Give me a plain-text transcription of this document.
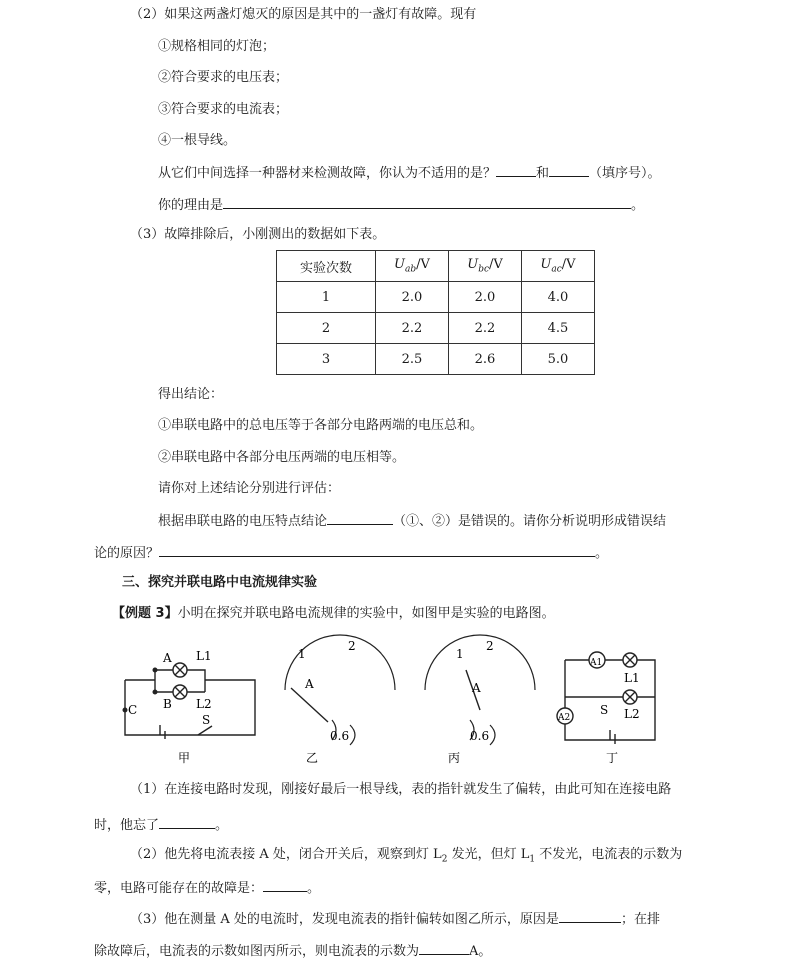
（2）如果这两盏灯熄灭的原因是其中的一盏灯有故障。现有
①规格相同的灯泡；
②符合要求的电压表；
③符合要求的电流表；
④一根导线。
从它们中间选择一种器材来检测故障，你认为不适用的是？	和	（填序号）。
你的理由是	。
（3）故障排除后，小刚测出的数据如下表。
实验次数	$U_{ab}/V$	$U_{bc}/V$	$U_{ac}/V$
1	2.0	2.0	4.0
2	2.2	2.2	4.5
3	2.5	2.6	5.0
得出结论：
①串联电路中的总电压等于各部分电路两端的电压总和。
②串联电路中各部分电压两端的电压相等。
请你对上述结论分别进行评估：
根据串联电路的电压特点结论	（①、②）是错误的。请你分析说明形成错误结
论的原因？	。
三、探究并联电路中电流规律实验
【例题 3】小明在探究并联电路电流规律的实验中，如图甲是实验的电路图。
A
B
C
S
L1
L2
甲
1
2
A
0.6
乙
1
2
A
0.6
丙
A1
A2
S
L1
L2
丁
（1）在连接电路时发现，刚接好最后一根导线，表的指针就发生了偏转，由此可知在连接电路
时，他忘了	。
（2）他先将电流表接 A 处，闭合开关后，观察到灯 $L_2$ 发光，但灯 $L_1$ 不发光，电流表的示数为
零，电路可能存在的故障是：	。
（3）他在测量 A 处的电流时，发现电流表的指针偏转如图乙所示，原因是	；在排
除故障后，电流表的示数如图丙所示，则电流表的示数为	A。
